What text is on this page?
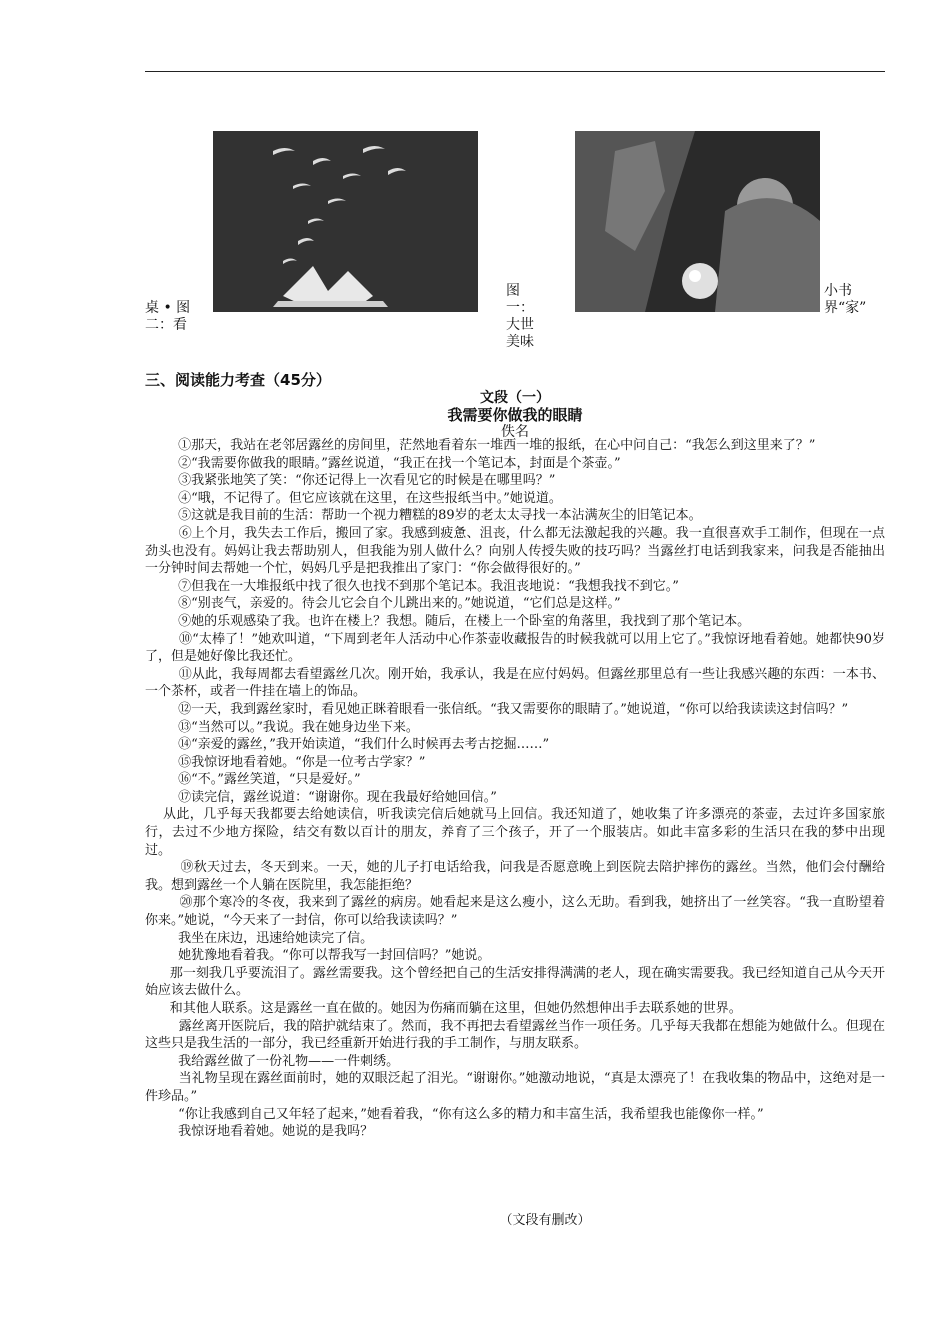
桌 • 图二：看
图一：大世美味
小书界“家”
三、阅读能力考查（45分）
文段（一）
我需要你做我的眼睛
佚名

①那天，我站在老邻居露丝的房间里，茫然地看着东一堆西一堆的报纸，在心中问自己：“我怎么到这里来了？”

②“我需要你做我的眼睛。”露丝说道，“我正在找一个笔记本，封面是个茶壶。”

③我紧张地笑了笑：“你还记得上一次看见它的时候是在哪里吗？”

④“哦，不记得了。但它应该就在这里，在这些报纸当中。”她说道。

⑤这就是我目前的生活：帮助一个视力糟糕的89岁的老太太寻找一本沾满灰尘的旧笔记本。

⑥上个月，我失去工作后，搬回了家。我感到疲惫、沮丧，什么都无法激起我的兴趣。我一直很喜欢手工制作，但现在一点劲头也没有。妈妈让我去帮助别人，但我能为别人做什么？向别人传授失败的技巧吗？当露丝打电话到我家来，问我是否能抽出一分钟时间去帮她一个忙，妈妈几乎是把我推出了家门：“你会做得很好的。”

⑦但我在一大堆报纸中找了很久也找不到那个笔记本。我沮丧地说：“我想我找不到它。”

⑧“别丧气，亲爱的。待会儿它会自个儿跳出来的。”她说道，“它们总是这样。”

⑨她的乐观感染了我。也许在楼上？我想。随后，在楼上一个卧室的角落里，我找到了那个笔记本。

⑩“太棒了！”她欢叫道，“下周到老年人活动中心作茶壶收藏报告的时候我就可以用上它了。”我惊讶地看着她。她都快90岁了，但是她好像比我还忙。

⑪从此，我每周都去看望露丝几次。刚开始，我承认，我是在应付妈妈。但露丝那里总有一些让我感兴趣的东西：一本书、一个茶杯，或者一件挂在墙上的饰品。

⑫一天，我到露丝家时，看见她正眯着眼看一张信纸。“我又需要你的眼睛了。”她说道，“你可以给我读读这封信吗？”

⑬“当然可以。”我说。我在她身边坐下来。

⑭“亲爱的露丝，”我开始读道，“我们什么时候再去考古挖掘……”

⑮我惊讶地看着她。“你是一位考古学家？”

⑯“不。”露丝笑道，“只是爱好。”

⑰读完信，露丝说道：“谢谢你。现在我最好给她回信。”

从此，几乎每天我都要去给她读信，听我读完信后她就马上回信。我还知道了，她收集了许多漂亮的茶壶，去过许多国家旅行，去过不少地方探险，结交有数以百计的朋友，养育了三个孩子，开了一个服装店。如此丰富多彩的生活只在我的梦中出现过。

⑲秋天过去，冬天到来。一天，她的儿子打电话给我，问我是否愿意晚上到医院去陪护摔伤的露丝。当然，他们会付酬给我。想到露丝一个人躺在医院里，我怎能拒绝？

⑳那个寒冷的冬夜，我来到了露丝的病房。她看起来是这么瘦小，这么无助。看到我，她挤出了一丝笑容。“我一直盼望着你来。”她说，“今天来了一封信，你可以给我读读吗？”

我坐在床边，迅速给她读完了信。

她犹豫地看着我。“你可以帮我写一封回信吗？”她说。

那一刻我几乎要流泪了。露丝需要我。这个曾经把自己的生活安排得满满的老人，现在确实需要我。我已经知道自己从今天开始应该去做什么。

和其他人联系。这是露丝一直在做的。她因为伤痛而躺在这里，但她仍然想伸出手去联系她的世界。

露丝离开医院后，我的陪护就结束了。然而，我不再把去看望露丝当作一项任务。几乎每天我都在想能为她做什么。但现在这些只是我生活的一部分，我已经重新开始进行我的手工制作，与朋友联系。

我给露丝做了一份礼物——一件刺绣。

当礼物呈现在露丝面前时，她的双眼泛起了泪光。“谢谢你。”她激动地说，“真是太漂亮了！在我收集的物品中，这绝对是一件珍品。”

“你让我感到自己又年轻了起来，”她看着我，“你有这么多的精力和丰富生活，我希望我也能像你一样。”

我惊讶地看着她。她说的是我吗？

（文段有删改）
